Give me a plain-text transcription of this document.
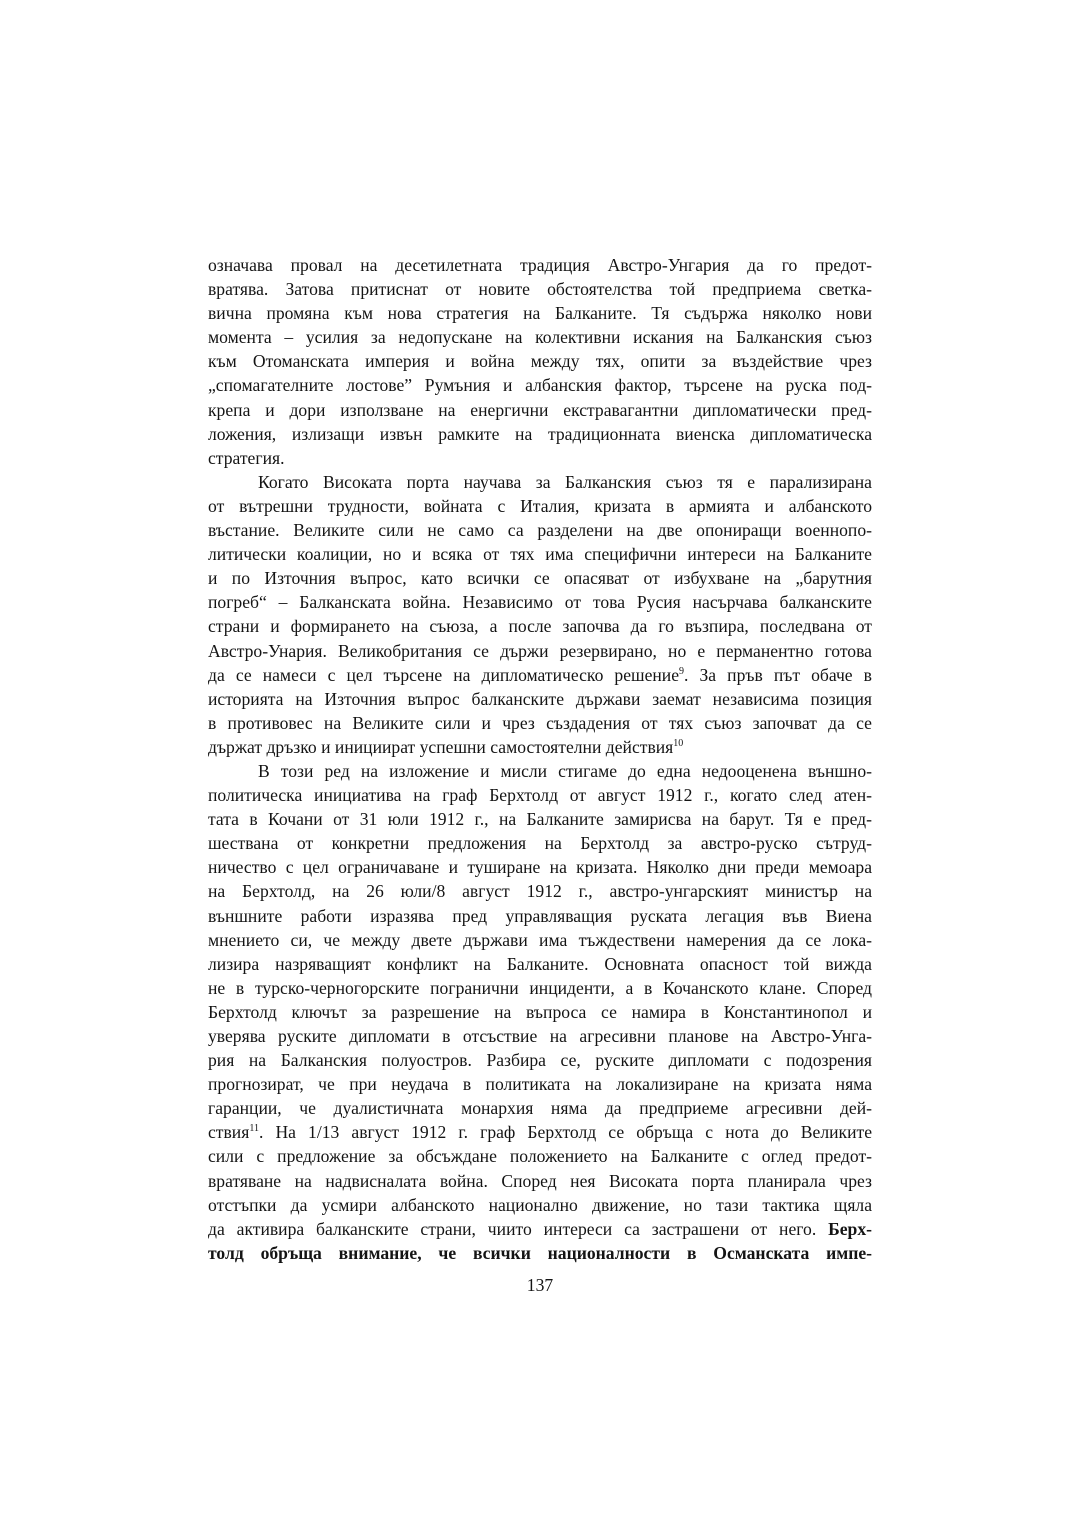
означава провал на десетилетната традиция Австро-Унгария да го предот-
вратява. Затова притиснат от новите обстоятелства той предприема светка-
вична промяна към нова стратегия на Балканите. Тя съдържа няколко нови
момента – усилия за недопускане на колективни искания на Балканския съюз
към Отоманската империя и война между тях, опити за въздействие чрез
„спомагателните лостове” Румъния и албанския фактор, търсене на руска под-
крепа и дори използване на енергични екстравагантни дипломатически пред-
ложения, излизащи извън рамките на традиционната виенска дипломатическа
стратегия.

Когато Високата порта научава за Балканския съюз тя е парализирана
от вътрешни трудности, войната с Италия, кризата в армията и албанското
въстание. Великите сили не само са разделени на две опониращи военнопо-
литически коалиции, но и всяка от тях има специфични интереси на Балканите
и по Източния въпрос, като всички се опасяват от избухване на „барутния
погреб“ – Балканската война. Независимо от това Русия насърчава балканските
страни и формирането на съюза, а после започва да го възпира, последвана от
Австро-Унария. Великобритания се държи резервирано, но е перманентно готова
да се намеси с цел търсене на дипломатическо решение$^9$. За пръв път обаче в
историята на Източния въпрос балканските държави заемат независима позиция
в противовес на Великите сили и чрез създадения от тях съюз започват да се
държат дръзко и инициират успешни самостоятелни действия$^{10}$

В този ред на изложение и мисли стигаме до една недооценена външно-
политическа инициатива на граф Берхтолд от август 1912 г., когато след атен-
тата в Кочани от 31 юли 1912 г., на Балканите замирисва на барут. Тя е пред-
шествана от конкретни предложения на Берхтолд за австро-руско сътруд-
ничество с цел ограничаване и туширане на кризата. Няколко дни преди мемоара
на Берхтолд, на 26 юли/8 август 1912 г., австро-унгарският министър на
външните работи изразява пред управляващия руската легация във Виена
мнението си, че между двете държави има тъждествени намерения да се лока-
лизира назряващият конфликт на Балканите. Основната опасност той вижда
не в турско-черногорските погранични инциденти, а в Кочанското клане. Според
Берхтолд ключът за разрешение на въпроса се намира в Константинопол и
уверява руските дипломати в отсъствие на агресивни планове на Австро-Унга-
рия на Балканския полуостров. Разбира се, руските дипломати с подозрения
прогнозират, че при неудача в политиката на локализиране на кризата няма
гаранции, че дуалистичната монархия няма да предприеме агресивни дей-
ствия$^{11}$. На 1/13 август 1912 г. граф Берхтолд се обръща с нота до Великите
сили с предложение за обсъждане положението на Балканите с оглед предот-
вратяване на надвисналата война. Според нея Високата порта планирала чрез
отстъпки да усмири албанското национално движение, но тази тактика щяла
да активира балканските страни, чиито интереси са застрашени от него. Берх-
толд обръща внимание, че всички националности в Османската импе-

137
